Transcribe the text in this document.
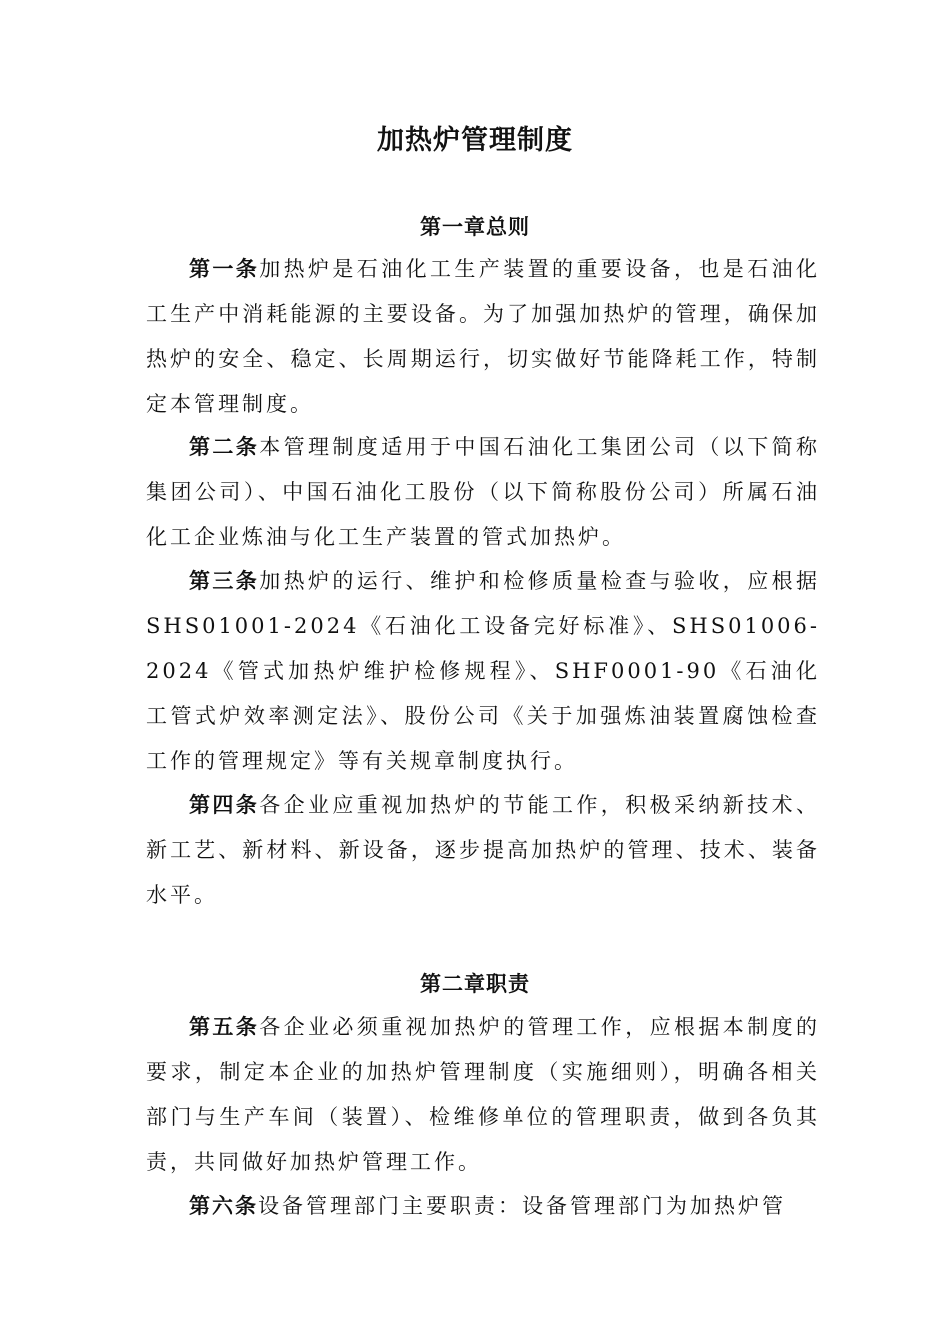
加热炉管理制度
第一章总则

第一条加热炉是石油化工生产装置的重要设备，也是石油化工生产中消耗能源的主要设备。为了加强加热炉的管理，确保加热炉的安全、稳定、长周期运行，切实做好节能降耗工作，特制定本管理制度。

第二条本管理制度适用于中国石油化工集团公司（以下简称集团公司）、中国石油化工股份（以下简称股份公司）所属石油化工企业炼油与化工生产装置的管式加热炉。

第三条加热炉的运行、维护和检修质量检查与验收，应根据SHS01001-2024《石油化工设备完好标准》、SHS01006-2024《管式加热炉维护检修规程》、SHF0001-90《石油化工管式炉效率测定法》、股份公司《关于加强炼油装置腐蚀检查工作的管理规定》等有关规章制度执行。

第四条各企业应重视加热炉的节能工作，积极采纳新技术、新工艺、新材料、新设备，逐步提高加热炉的管理、技术、装备水平。

第二章职责

第五条各企业必须重视加热炉的管理工作，应根据本制度的要求，制定本企业的加热炉管理制度（实施细则），明确各相关部门与生产车间（装置）、检维修单位的管理职责，做到各负其责，共同做好加热炉管理工作。

第六条设备管理部门主要职责：设备管理部门为加热炉管
